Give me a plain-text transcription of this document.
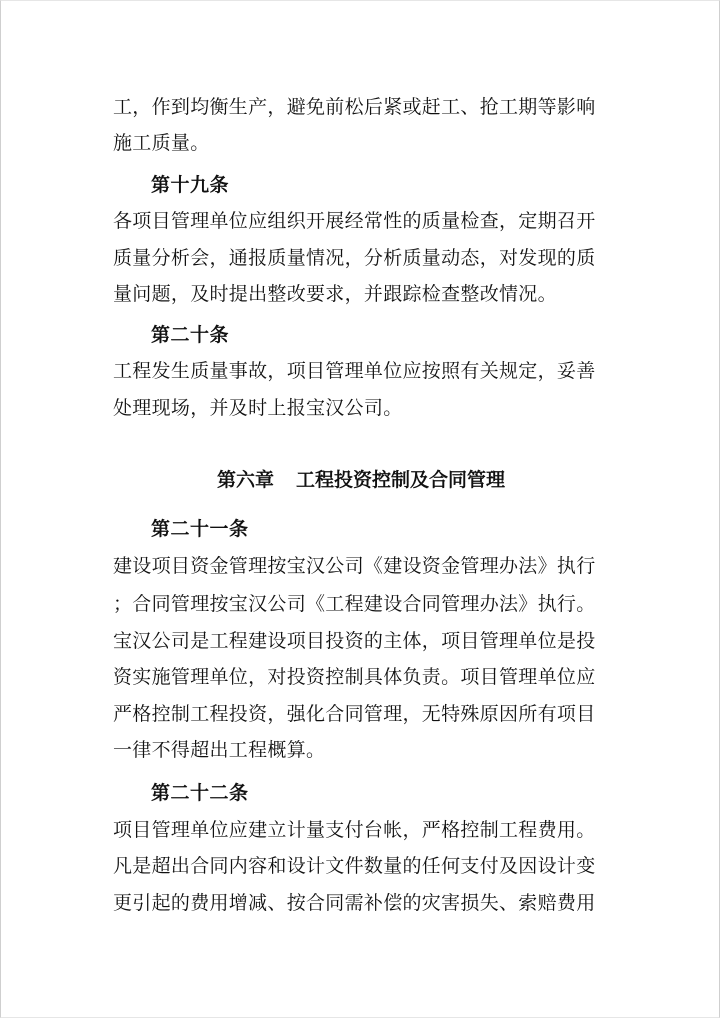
工，作到均衡生产，避免前松后紧或赶工、抢工期等影响
施工质量。
第十九条
各项目管理单位应组织开展经常性的质量检查，定期召开
质量分析会，通报质量情况，分析质量动态，对发现的质
量问题，及时提出整改要求，并跟踪检查整改情况。
第二十条
工程发生质量事故，项目管理单位应按照有关规定，妥善
处理现场，并及时上报宝汉公司。
第六章 工程投资控制及合同管理
第二十一条
建设项目资金管理按宝汉公司《建设资金管理办法》执行
；合同管理按宝汉公司《工程建设合同管理办法》执行。
宝汉公司是工程建设项目投资的主体，项目管理单位是投
资实施管理单位，对投资控制具体负责。项目管理单位应
严格控制工程投资，强化合同管理，无特殊原因所有项目
一律不得超出工程概算。
第二十二条
项目管理单位应建立计量支付台帐，严格控制工程费用。
凡是超出合同内容和设计文件数量的任何支付及因设计变
更引起的费用增减、按合同需补偿的灾害损失、索赔费用
